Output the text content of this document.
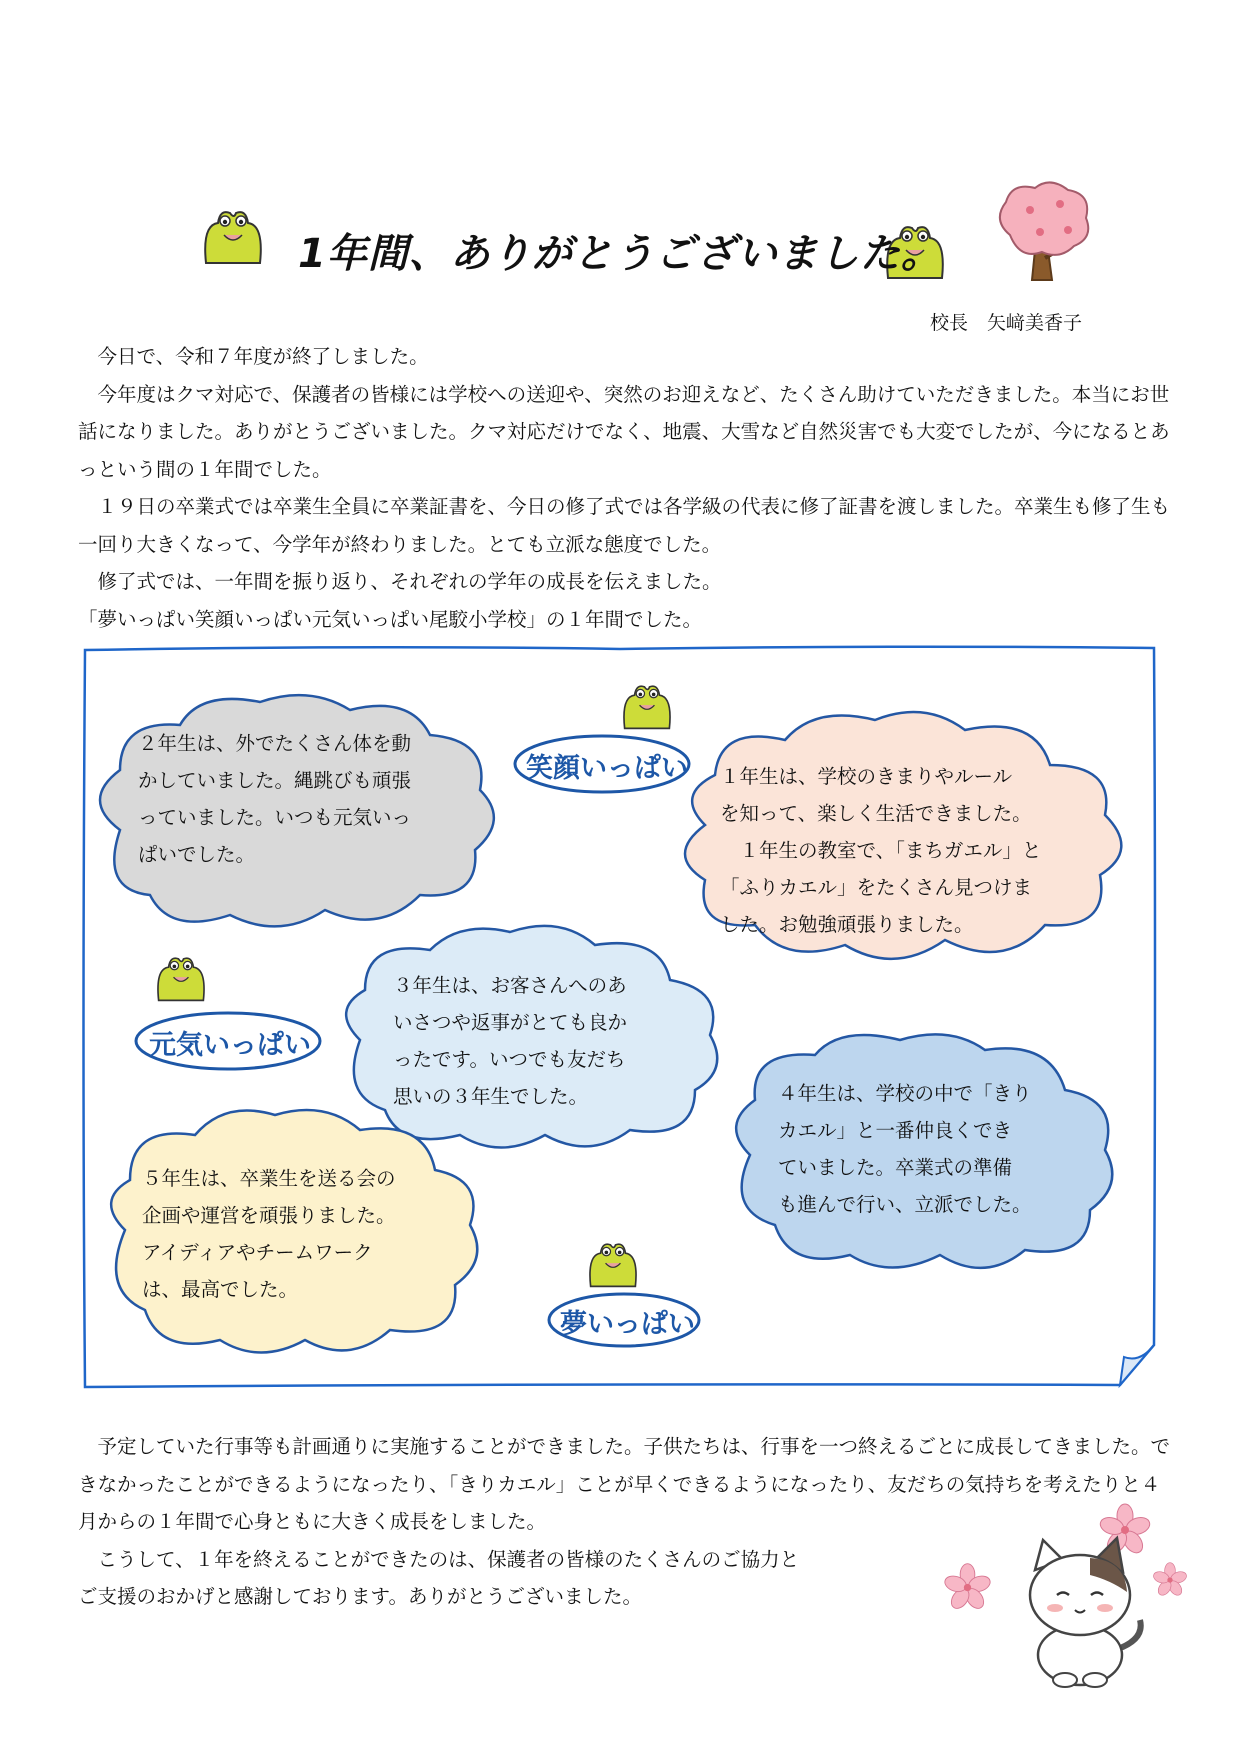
1年間、ありがとうございました。
校長　矢﨑美香子

今日で、令和７年度が終了しました。

今年度はクマ対応で、保護者の皆様には学校への送迎や、突然のお迎えなど、たくさん助けていただきました。本当にお世話になりました。ありがとうございました。クマ対応だけでなく、地震、大雪など自然災害でも大変でしたが、今になるとあっという間の１年間でした。

１９日の卒業式では卒業生全員に卒業証書を、今日の修了式では各学級の代表に修了証書を渡しました。卒業生も修了生も一回り大きくなって、今学年が終わりました。とても立派な態度でした。

修了式では、一年間を振り返り、それぞれの学年の成長を伝えました。

「夢いっぱい笑顔いっぱい元気いっぱい尾駮小学校」の１年間でした。

２年生は、外でたくさん体を動
かしていました。縄跳びも頑張
っていました。いつも元気いっ
ぱいでした。
１年生は、学校のきまりやルール
を知って、楽しく生活できました。
　１年生の教室で、「まちガエル」と
「ふりカエル」をたくさん見つけま
した。お勉強頑張りました。
３年生は、お客さんへのあ
いさつや返事がとても良か
ったです。いつでも友だち
思いの３年生でした。	４年生は、学校の中で「きり
カエル」と一番仲良くでき
ていました。卒業式の準備
も進んで行い、立派でした。
５年生は、卒業生を送る会の
企画や運営を頑張りました。
アイディアやチームワーク
は、最高でした。
笑顔いっぱい
元気いっぱい
夢いっぱい

予定していた行事等も計画通りに実施することができました。子供たちは、行事を一つ終えるごとに成長してきました。できなかったことができるようになったり、「きりカエル」ことが早くできるようになったり、友だちの気持ちを考えたりと４月からの１年間で心身ともに大きく成長をしました。

こうして、１年を終えることができたのは、保護者の皆様のたくさんのご協力と

ご支援のおかげと感謝しております。ありがとうございました。
